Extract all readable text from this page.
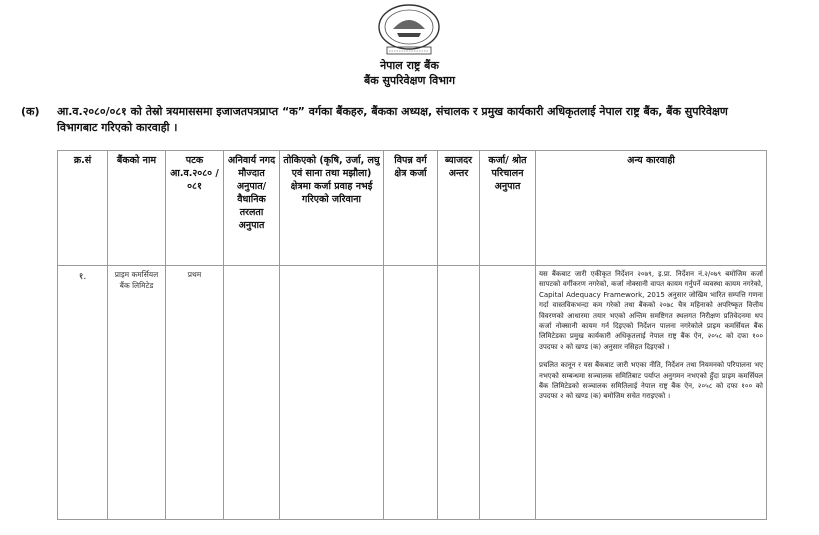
नेपाल राष्ट्र बैंक
बैंक सुपरिवेक्षण विभाग
(क) आ.व.२०८०/०८१ को तेस्रो त्रयमाससमा इजाजतपत्रप्राप्त “क” वर्गका बैंकहरु, बैंकका अध्यक्ष, संचालक र प्रमुख कार्यकारी अधिकृतलाई नेपाल राष्ट्र बैंक, बैंक सुपरिवेक्षण विभागबाट गरिएको कारवाही ।
क्र.सं	बैंकको नाम	पटक आ.व.२०८० /०८१	अनिवार्य नगद मौज्दात अनुपात/ वैधानिक तरलता अनुपात	तोकिएको (कृषि, उर्जा, लघु एवं साना तथा मझौला) क्षेत्रमा कर्जा प्रवाह नभई गरिएको जरिवाना	विपन्न वर्ग क्षेत्र कर्जा	ब्याजदर अन्तर	कर्जा/ श्रोत परिचालन अनुपात	अन्य कारवाही
१.	प्राइम कमर्सियल बैंक लिमिटेड	प्रथम						यस बैंकबाट जारी एकीकृत निर्देशन २०७९, इ.प्रा. निर्देशन नं.२/०७९ बमोजिम कर्जा सापटको वर्गीकरण नगरेको, कर्जा नोक्सानी वापत कायम गर्नुपर्ने व्यवस्था कायम नगरेको, Capital Adequacy Framework, 2015 अनुसार जोखिम भारित सम्पत्ति गणना गर्दा वास्तविकभन्दा कम गरेको तथा बैंकको २०७८ चैत्र महिनाको अपरिष्कृत वित्तीय विवरणको आधारमा तयार भएको अन्तिम समष्टिगत स्थलगत निरीक्षण प्रतिवेदनमा थप कर्जा नोक्सानी कायम गर्न दिइएको निर्देशन पालना नगरेकोले प्राइम कमर्सियल बैंक लिमिटेडका प्रमुख कार्यकारी अधिकृतलाई नेपाल राष्ट्र बैंक ऐन, २०५८ को दफा १०० उपदफा २ को खण्ड (क) अनुसार नसिहत दिइएको ।
प्रचलित कानून र यस बैंकबाट जारी भएका नीति, निर्देशन तथा नियमनको परिपालना भए नभएको सम्बन्धमा सञ्चालक समितिबाट पर्याप्त अनुगमन नभएको हुँदा प्राइम कमर्सियल बैंक लिमिटेडको सञ्चालक समितिलाई नेपाल राष्ट्र बैंक ऐन, २०५८ को दफा १०० को उपदफा २ को खण्ड (क) बमोजिम सचेत गराइएको ।
